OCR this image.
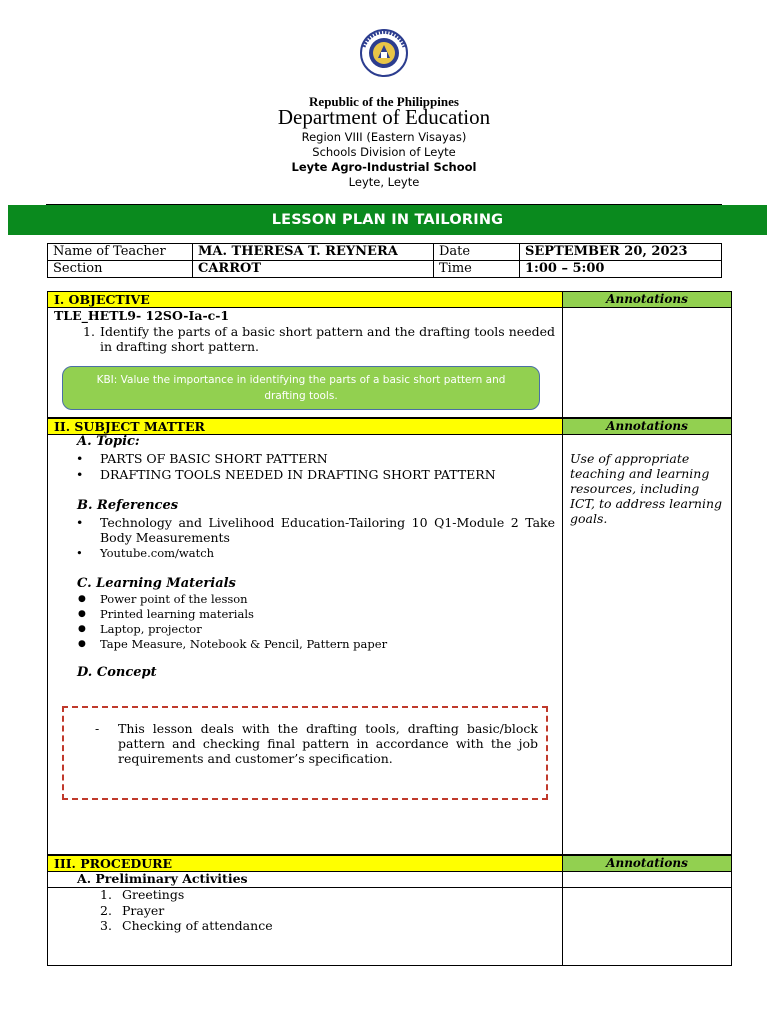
Republic of the Philippines
Department of Education
Region VIII (Eastern Visayas)
Schools Division of Leyte
Leyte Agro-Industrial School
Leyte, Leyte
LESSON PLAN IN TAILORING
Name of Teacher	MA. THERESA T. REYNERA	Date	SEPTEMBER 20, 2023
Section	CARROT	Time	1:00 – 5:00
I. OBJECTIVE	Annotations
TLE_HETL9- 12SO-Ia-c-1
1. Identify the parts of a basic short pattern and the drafting tools needed in drafting short pattern.
KBI: Value the importance in identifying the parts of a basic short pattern and drafting tools.
II. SUBJECT MATTER	Annotations
Use of appropriate teaching and learning resources, including ICT, to address learning goals.
A. Topic:
• PARTS OF BASIC SHORT PATTERN
• DRAFTING TOOLS NEEDED IN DRAFTING SHORT PATTERN
B. References
• Technology and Livelihood Education-Tailoring 10 Q1-Module 2 Take Body Measurements
• Youtube.com/watch
C. Learning Materials
● Power point of the lesson
● Printed learning materials
● Laptop, projector
● Tape Measure, Notebook & Pencil, Pattern paper
D. Concept
- This lesson deals with the drafting tools, drafting basic/block pattern and checking final pattern in accordance with the job requirements and customer’s specification.
III. PROCEDURE	Annotations
A. Preliminary Activities
1. Greetings
2. Prayer
3. Checking of attendance
